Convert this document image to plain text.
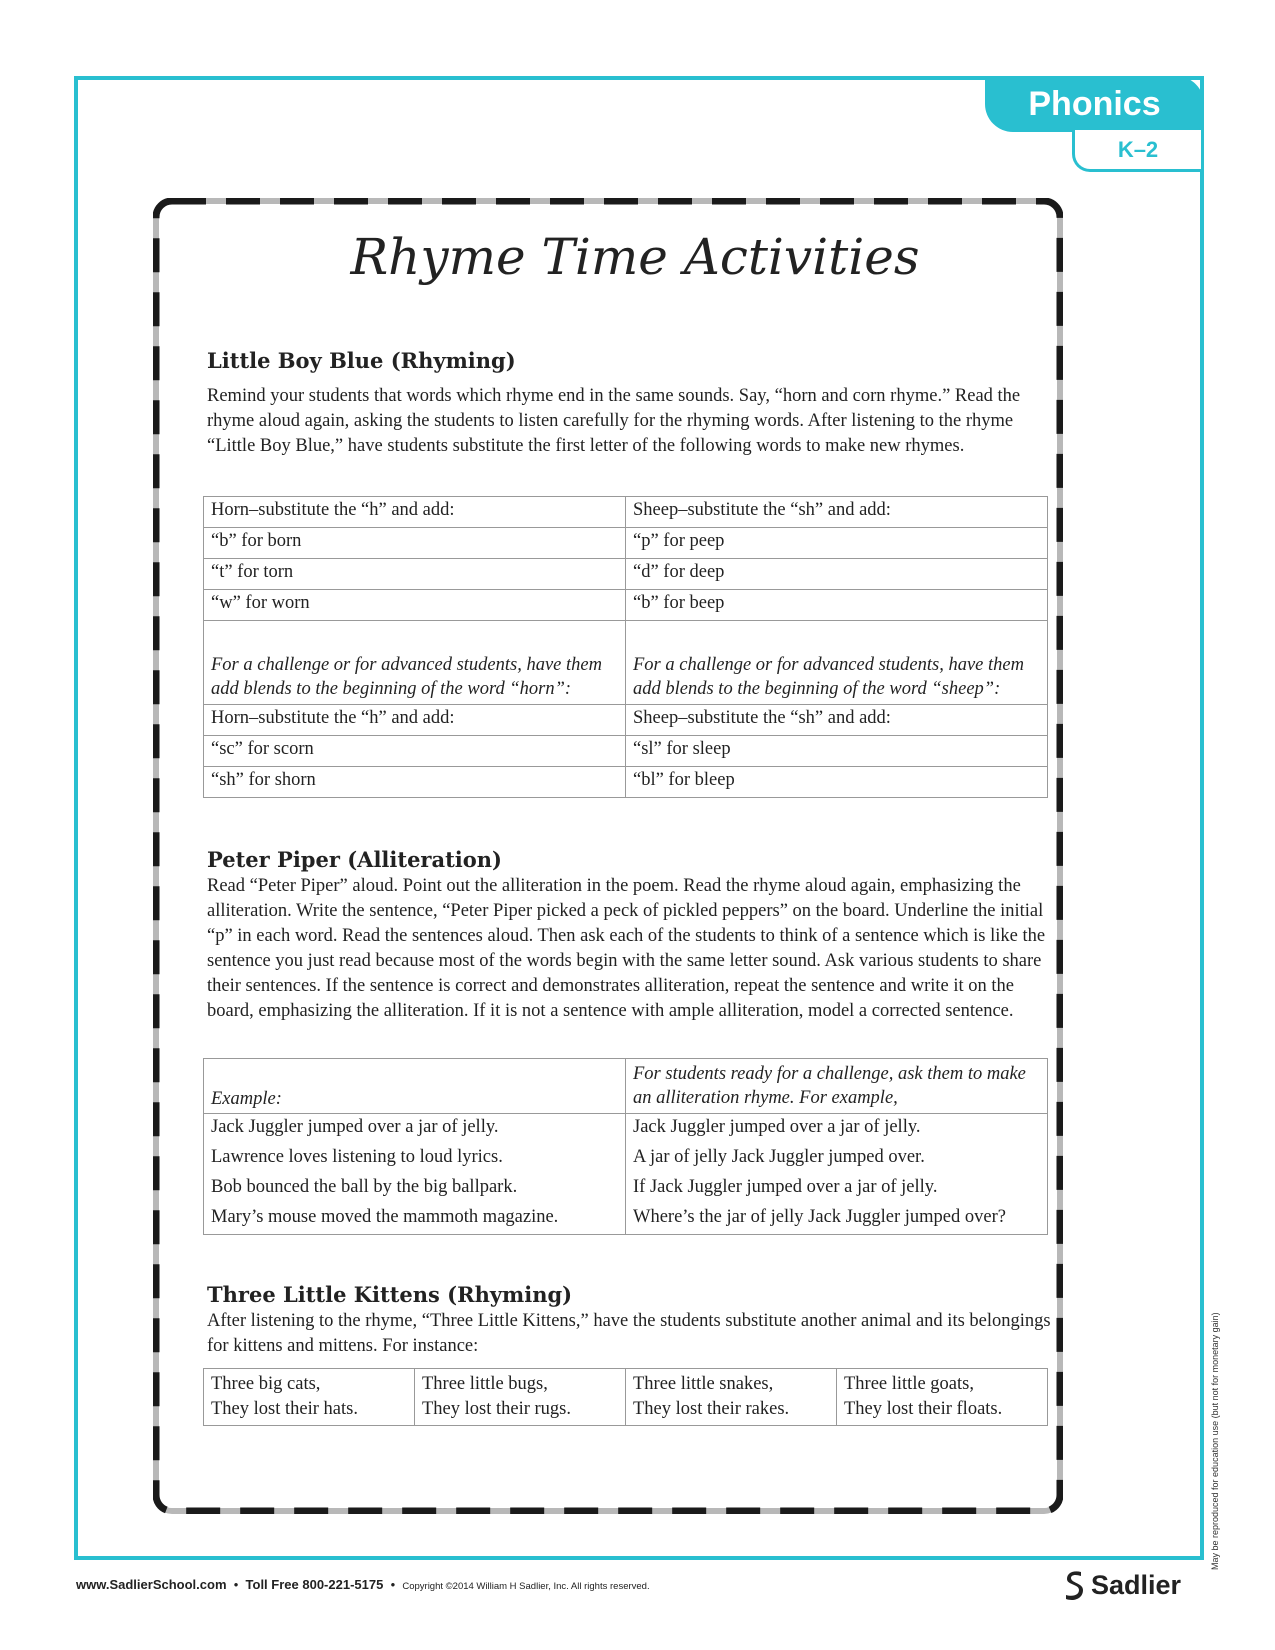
Phonics
K–2
Rhyme Time Activities
Little Boy Blue (Rhyming)

Remind your students that words which rhyme end in the same sounds. Say, “horn and corn rhyme.” Read the rhyme aloud again, asking the students to listen carefully for the rhyming words. After listening to the rhyme “Little Boy Blue,” have students substitute the first letter of the following words to make new rhymes.

Horn–substitute the “h” and add:	Sheep–substitute the “sh” and add:
“b” for born	“p” for peep
“t” for torn	“d” for deep
“w” for worn	“b” for beep
For a challenge or for advanced students, have them add blends to the beginning of the word “horn”:	For a challenge or for advanced students, have them add blends to the beginning of the word “sheep”:
Horn–substitute the “h” and add:	Sheep–substitute the “sh” and add:
“sc” for scorn	“sl” for sleep
“sh” for shorn	“bl” for bleep
Peter Piper (Alliteration)

Read “Peter Piper” aloud. Point out the alliteration in the poem. Read the rhyme aloud again, emphasizing the alliteration. Write the sentence, “Peter Piper picked a peck of pickled peppers” on the board. Underline the initial “p” in each word. Read the sentences aloud. Then ask each of the students to think of a sentence which is like the sentence you just read because most of the words begin with the same letter sound. Ask various students to share their sentences. If the sentence is correct and demonstrates alliteration, repeat the sentence and write it on the board, emphasizing the alliteration. If it is not a sentence with ample alliteration, model a corrected sentence.

Example:	For students ready for a challenge, ask them to make an alliteration rhyme. For example,
Jack Juggler jumped over a jar of jelly.	Jack Juggler jumped over a jar of jelly.
Lawrence loves listening to loud lyrics.	A jar of jelly Jack Juggler jumped over.
Bob bounced the ball by the big ballpark.	If Jack Juggler jumped over a jar of jelly.
Mary’s mouse moved the mammoth magazine.	Where’s the jar of jelly Jack Juggler jumped over?
Three Little Kittens (Rhyming)

After listening to the rhyme, “Three Little Kittens,” have the students substitute another animal and its belongings for kittens and mittens. For instance:

Three big cats,
They lost their hats.

Three little bugs,
They lost their rugs.

Three little snakes,
They lost their rakes.

Three little goats,
They lost their floats.
www.SadlierSchool.com • Toll Free 800-221-5175 • Copyright ©2014 William H Sadlier, Inc. All rights reserved.
May be reproduced for education use (but not for monetary gain)
Sadlier
